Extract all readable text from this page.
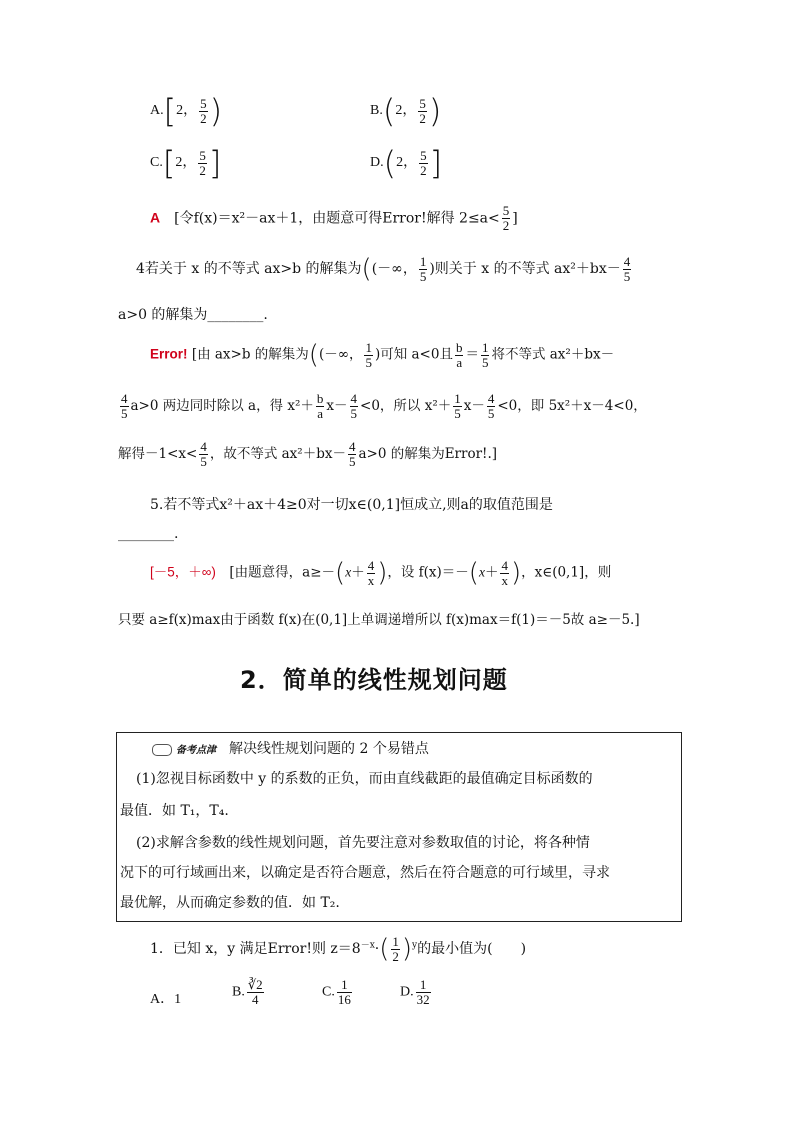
A.[2， $\frac{5}{2}$ )	B.(2， $\frac{5}{2}$ )
C.[2， $\frac{5}{2}$ ]	D.(2， $\frac{5}{2}$ ]
A　 [令f(x)＝x²－ax＋1，由题意可得Error!解得 $2\le a< \frac{5}{2}$ ]
4若关于 x 的不等式 ax>b 的解集为((－∞， $\frac{1}{5}$ )则关于 x 的不等式 $ax^2+bx- \frac{4}{5}$
a>0 的解集为________.
Error! [由 ax>b 的解集为((－∞， $\frac{1}{5}$ )可知 a<0且 $\frac{b}{a} = \frac{1}{5}$ 将不等式 ax²＋bx－
$\frac{4}{5} a>0$ 两边同时除以 a，得 $x^2+ \frac{b}{a} x- \frac{4}{5} <0$，所以 $x^2+ \frac{1}{5} x- \frac{4}{5} <0$，即 5x²＋x－4<0，
解得$-1<x< \frac{4}{5}$ ，故不等式 $ax^2+bx- \frac{4}{5} a>0$ 的解集为Error!.]
5.若不等式x²＋ax＋4≥0对一切x∈(0,1]恒成立,则a的取值范围是
________.
[－5，＋∞)　 [由题意得，$a\ge-(x+ \frac{4}{x}$ )，设 $f(x)=-(x+ \frac{4}{x}$ )，x∈(0,1]，则
只要 a≥f(x)max由于函数 f(x)在(0,1]上单调递增所以 f(x)max＝f(1)＝－5故 a≥－5.]
2．简单的线性规划问题
备考点津　 解决线性规划问题的 2 个易错点
(1)忽视目标函数中 y 的系数的正负，而由直线截距的最值确定目标函数的
最值．如 T₁，T₄.
(2)求解含参数的线性规划问题，首先要注意对参数取值的讨论，将各种情
况下的可行域画出来，以确定是否符合题意，然后在符合题意的可行域里，寻求
最优解，从而确定参数的值．如 T₂.
1．已知 x，y 满足Error!则 $z=8^{-x}\cdot( \frac{1}{2} )^y$的最小值为(　　)
A．1	B. $\frac{∛2}{4}$	C. $\frac{1}{16}$	D. $\frac{1}{32}$
